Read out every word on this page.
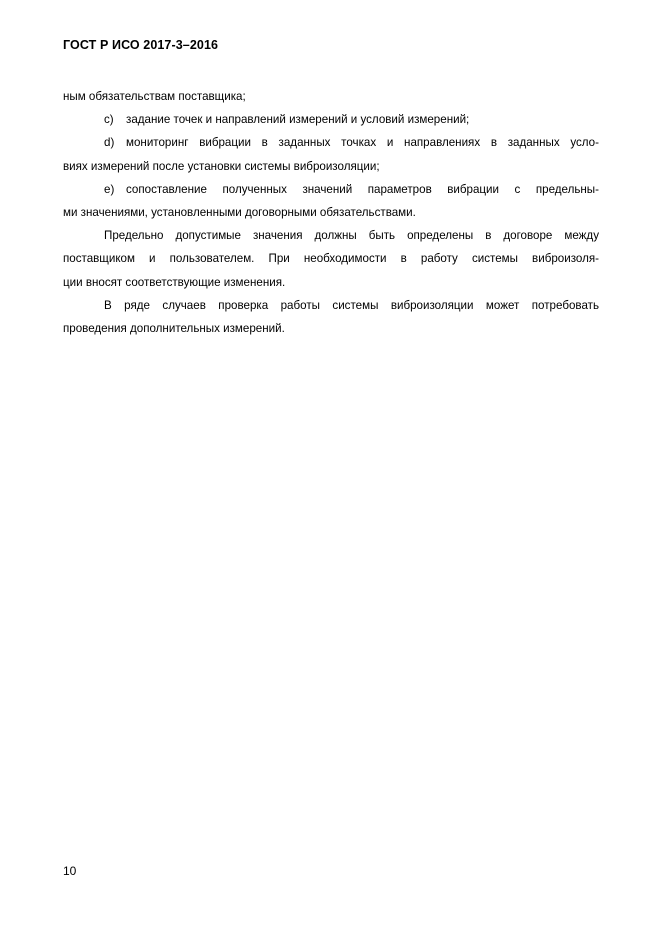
ГОСТ Р ИСО 2017-3–2016
ным обязательствам поставщика;
c) задание точек и направлений измерений и условий измерений;
d) мониторинг вибрации в заданных точках и направлениях в заданных усло-
виях измерений после установки системы виброизоляции;
e) сопоставление полученных значений параметров вибрации с предельны-
ми значениями, установленными договорными обязательствами.
Предельно допустимые значения должны быть определены в договоре между
поставщиком и пользователем. При необходимости в работу системы виброизоля-
ции вносят соответствующие изменения.
В ряде случаев проверка работы системы виброизоляции может потребовать
проведения дополнительных измерений.
10
